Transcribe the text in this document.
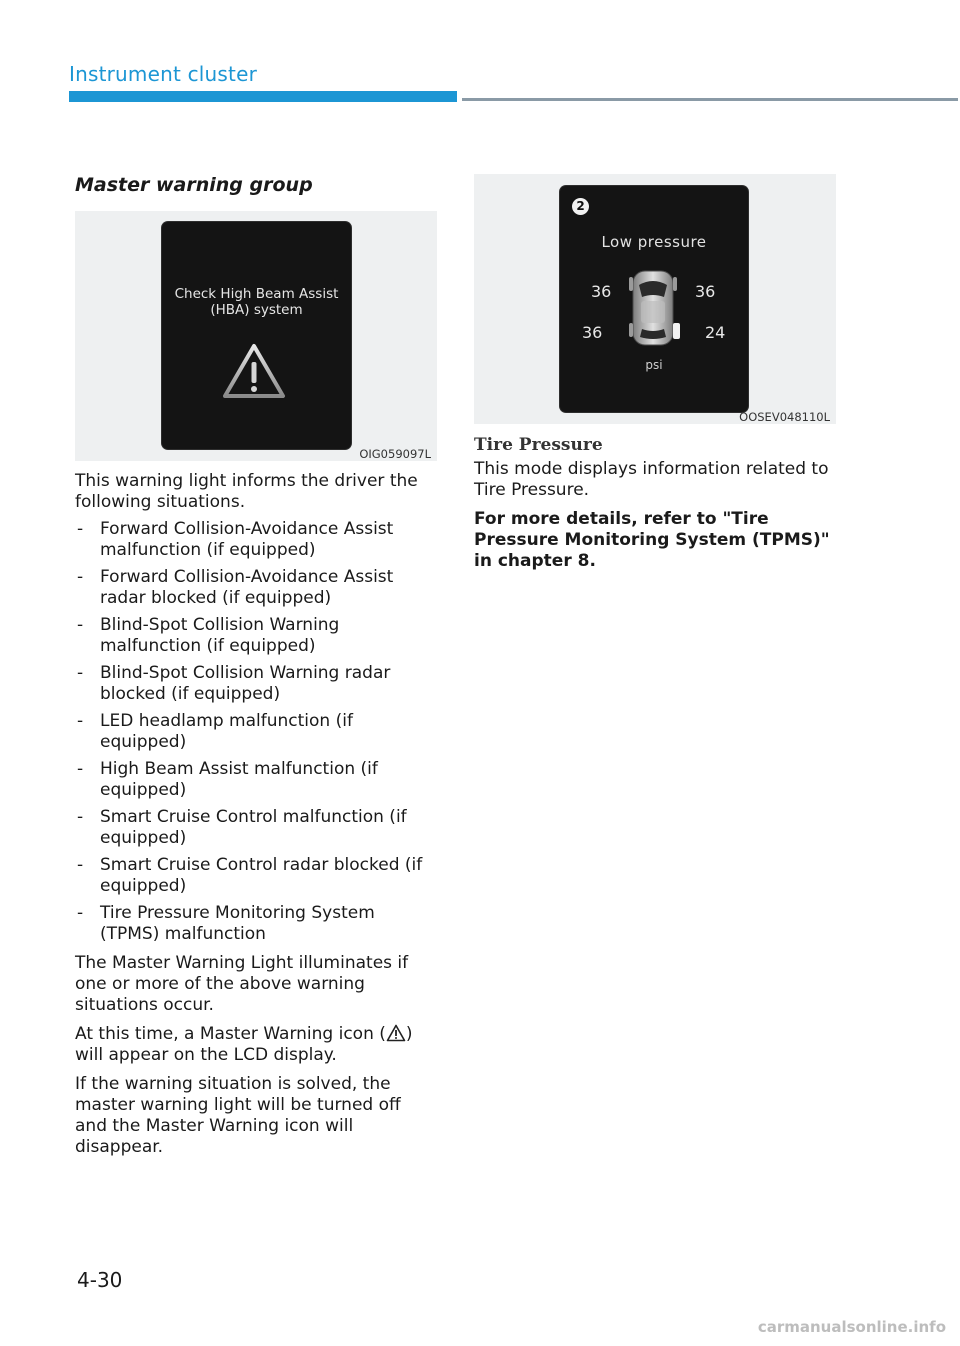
Instrument cluster
Master warning group
Check High Beam Assist (HBA) system
OIG059097L

This warning light informs the driver the following situations.

- Forward Collision-Avoidance Assist malfunction (if equipped)
- Forward Collision-Avoidance Assist radar blocked (if equipped)
- Blind-Spot Collision Warning malfunction (if equipped)
- Blind-Spot Collision Warning radar blocked (if equipped)
- LED headlamp malfunction (if equipped)
- High Beam Assist malfunction (if equipped)
- Smart Cruise Control malfunction (if equipped)
- Smart Cruise Control radar blocked (if equipped)
- Tire Pressure Monitoring System (TPMS) malfunction

The Master Warning Light illuminates if one or more of the above warning situations occur.

At this time, a Master Warning icon ( ) will appear on the LCD display.

If the warning situation is solved, the master warning light will be turned off and the Master Warning icon will disappear.

2
Low pressure
36	36
36	24
psi
OOSEV048110L
Tire Pressure

This mode displays information related to Tire Pressure.

For more details, refer to "Tire Pressure Monitoring System (TPMS)" in chapter 8.

4-30
carmanualsonline.info
